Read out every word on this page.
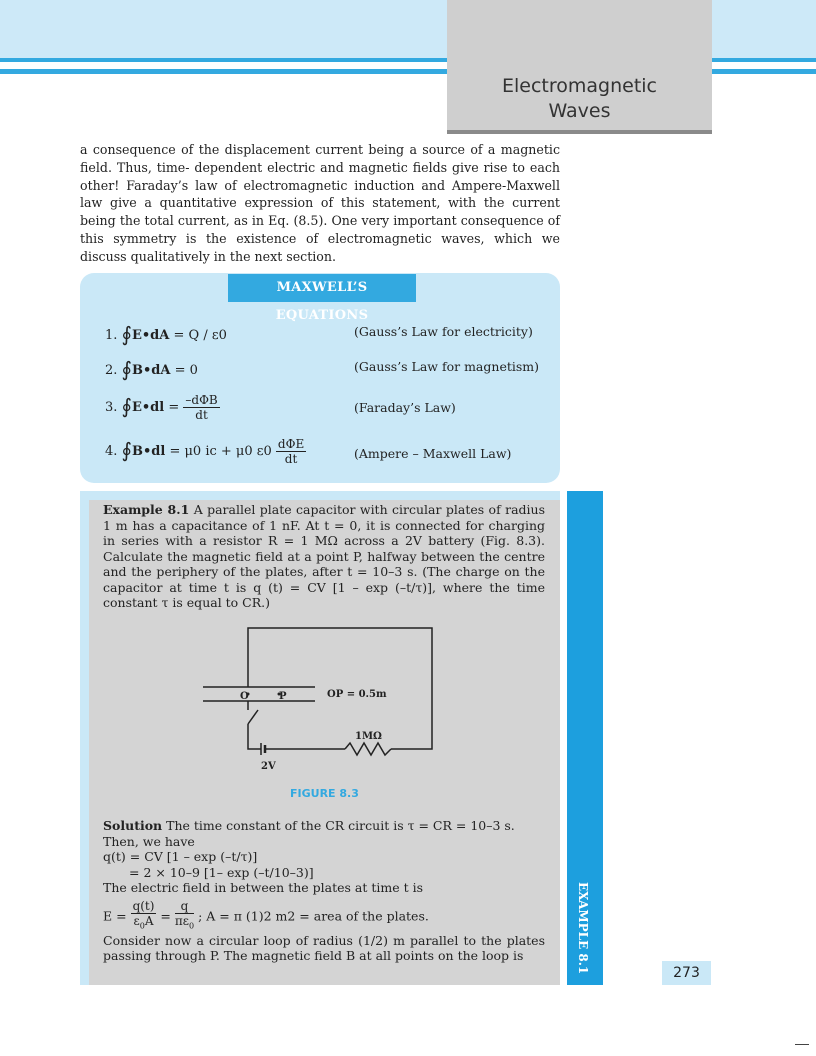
Electromagnetic
Waves
a consequence of the displacement current being a source of a magnetic field. Thus, time- dependent electric and magnetic fields give rise to each other! Faraday’s law of electromagnetic induction and Ampere-Maxwell law give a quantitative expression of this statement, with the current being the total current, as in Eq. (8.5). One very important consequence of this symmetry is the existence of electromagnetic waves, which we discuss qualitatively in the next section.
MAXWELL’S EQUATIONS
1. ∮E•dA = Q / ε0	(Gauss’s Law for electricity)
2. ∮B•dA = 0	(Gauss’s Law for magnetism)
3. ∮E•dl = $\frac{\text{–dΦB}}{dt}$	(Faraday’s Law)
4. ∮B•dl = μ0 ic + μ0 $\varepsilon 0 \frac{\text{dΦE}}{dt}$	(Ampere – Maxwell Law)
EXAMPLE 8.1
Example 8.1 A parallel plate capacitor with circular plates of radius 1 m has a capacitance of 1 nF. At t = 0, it is connected for charging in series with a resistor R = 1 MΩ across a 2V battery (Fig. 8.3). Calculate the magnetic field at a point P, halfway between the centre and the periphery of the plates, after t = 10–3 s. (The charge on the capacitor at time t is q (t) = CV [1 – exp (–t/τ)], where the time constant τ is equal to CR.)
O	P	OP = 0.5m
1MΩ
2V
FIGURE 8.3
Solution The time constant of the CR circuit is τ = CR = 10–3 s. Then, we have
q(t) = CV [1 – exp (–t/τ)]
= 2 × 10–9 [1– exp (–t/10–3)]
The electric field in between the plates at time t is
$E = \frac{q(t)}{\varepsilon_0A} = \frac{q}{\pi\varepsilon_0}$ ; A = π (1)2 m2 = area of the plates.
Consider now a circular loop of radius (1/2) m parallel to the plates passing through P. The magnetic field B at all points on the loop is
273
